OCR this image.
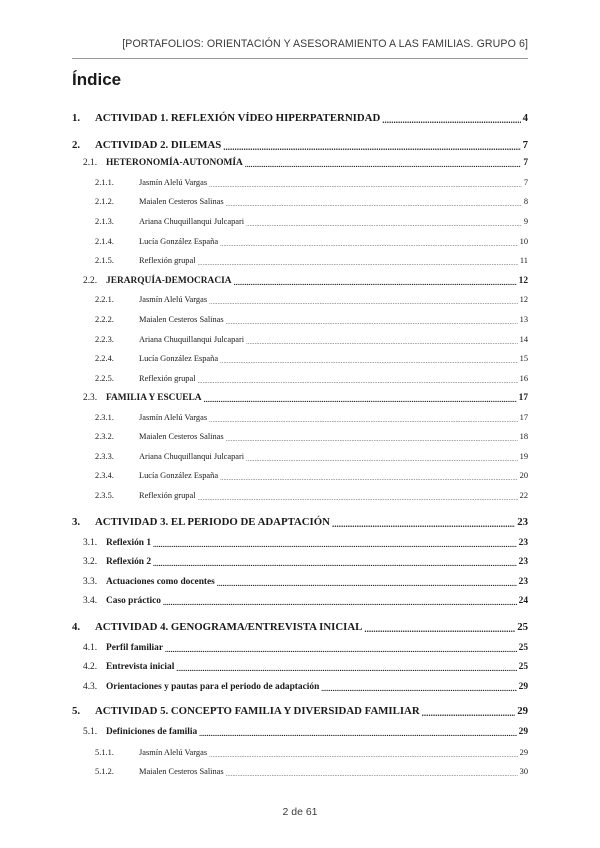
[PORTAFOLIOS: ORIENTACIÓN Y ASESORAMIENTO A LAS FAMILIAS. GRUPO 6]
Índice
1.	ACTIVIDAD 1. REFLEXIÓN VÍDEO HIPERPATERNIDAD .....	4
2.	ACTIVIDAD 2. DILEMAS .....	7
2.1. HETERONOMÍA-AUTONOMÍA .....	7
2.1.1.	Jasmín Alelú Vargas .....	7
2.1.2.	Maialen Cesteros Salinas .....	8
2.1.3.	Ariana Chuquillanqui Julcapari .....	9
2.1.4.	Lucía González España .....	10
2.1.5.	Reflexión grupal .....	11
2.2. JERARQUÍA-DEMOCRACIA .....	12
2.2.1.	Jasmín Alelú Vargas .....	12
2.2.2.	Maialen Cesteros Salinas .....	13
2.2.3.	Ariana Chuquillanqui Julcapari .....	14
2.2.4.	Lucía González España .....	15
2.2.5.	Reflexión grupal .....	16
2.3. FAMILIA Y ESCUELA .....	17
2.3.1.	Jasmín Alelú Vargas .....	17
2.3.2.	Maialen Cesteros Salinas .....	18
2.3.3.	Ariana Chuquillanqui Julcapari .....	19
2.3.4.	Lucía González España .....	20
2.3.5.	Reflexión grupal .....	22
3.	ACTIVIDAD 3. EL PERIODO DE ADAPTACIÓN .....	23
3.1. Reflexión 1 .....	23
3.2. Reflexión 2 .....	23
3.3. Actuaciones como docentes .....	23
3.4. Caso práctico .....	24
4.	ACTIVIDAD 4. GENOGRAMA/ENTREVISTA INICIAL .....	25
4.1. Perfil familiar .....	25
4.2. Entrevista inicial .....	25
4.3. Orientaciones y pautas para el periodo de adaptación .....	29
5.	ACTIVIDAD 5. CONCEPTO FAMILIA Y DIVERSIDAD FAMILIAR .....	29
5.1. Definiciones de familia .....	29
5.1.1.	Jasmín Alelú Vargas .....	29
5.1.2.	Maialen Cesteros Salinas .....	30
2 de 61
